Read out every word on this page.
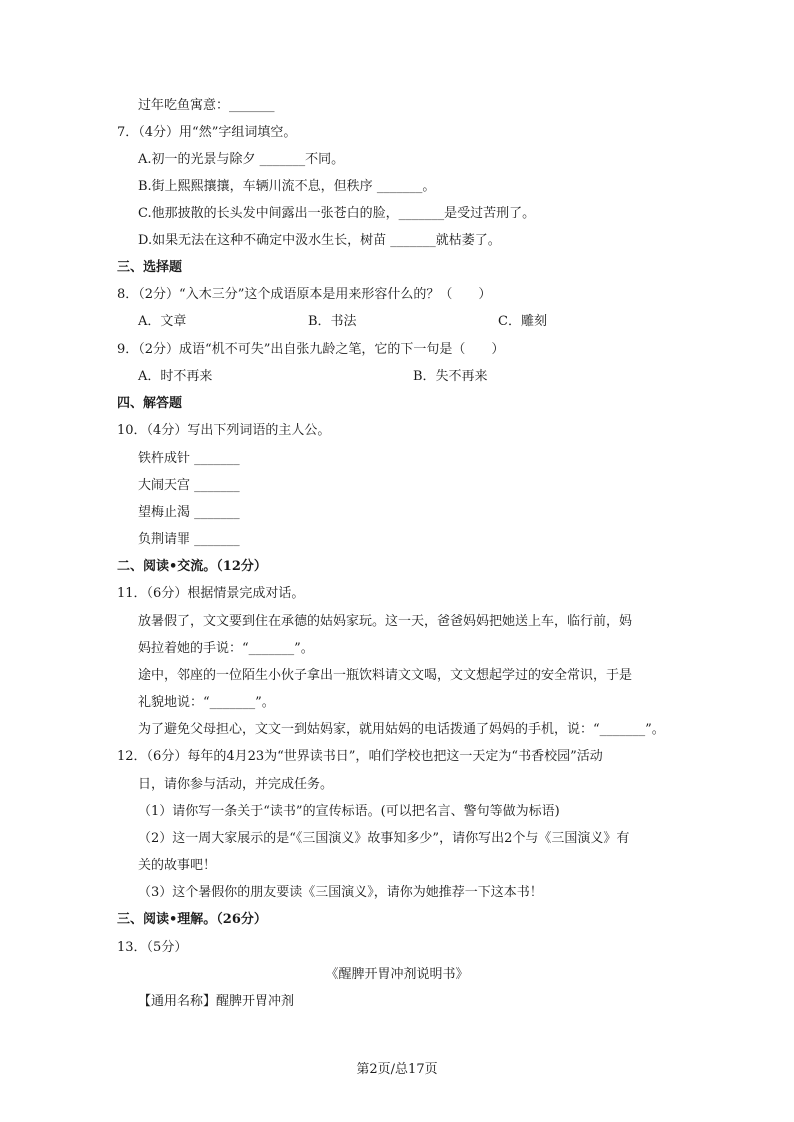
过年吃鱼寓意：_______
7．（4分）用“然”字组词填空。
A.初一的光景与除夕 _______不同。
B.街上熙熙攘攘，车辆川流不息，但秩序 _______。
C.他那披散的长头发中间露出一张苍白的脸，_______是受过苦刑了。
D.如果无法在这种不确定中汲水生长，树苗 _______就枯萎了。
三、选择题
8．（2分）“入木三分”这个成语原本是用来形容什么的？（　　）
A．文章	B．书法	C．雕刻
9．（2分）成语“机不可失”出自张九龄之笔，它的下一句是（　　）
A．时不再来	B．失不再来
四、解答题
10．（4分）写出下列词语的主人公。
铁杵成针 _______
大闹天宫 _______
望梅止渴 _______
负荆请罪 _______
二、阅读•交流。（12分）
11．（6分）根据情景完成对话。
放暑假了，文文要到住在承德的姑妈家玩。这一天，爸爸妈妈把她送上车，临行前，妈
妈拉着她的手说：“_______”。
途中，邻座的一位陌生小伙子拿出一瓶饮料请文文喝，文文想起学过的安全常识，于是
礼貌地说：“_______”。
为了避免父母担心，文文一到姑妈家，就用姑妈的电话拨通了妈妈的手机，说：“_______”。
12．（6分）每年的4月23为“世界读书日”，咱们学校也把这一天定为“书香校园”活动
日，请你参与活动，并完成任务。
（1）请你写一条关于“读书”的宣传标语。(可以把名言、警句等做为标语)
（2）这一周大家展示的是“《三国演义》故事知多少”，请你写出2个与《三国演义》有
关的故事吧！
（3）这个暑假你的朋友要读《三国演义》，请你为她推荐一下这本书！
三、阅读•理解。（26分）
13．（5分）
《醒脾开胃冲剂说明书》
【通用名称】醒脾开胃冲剂
第2页/总17页
